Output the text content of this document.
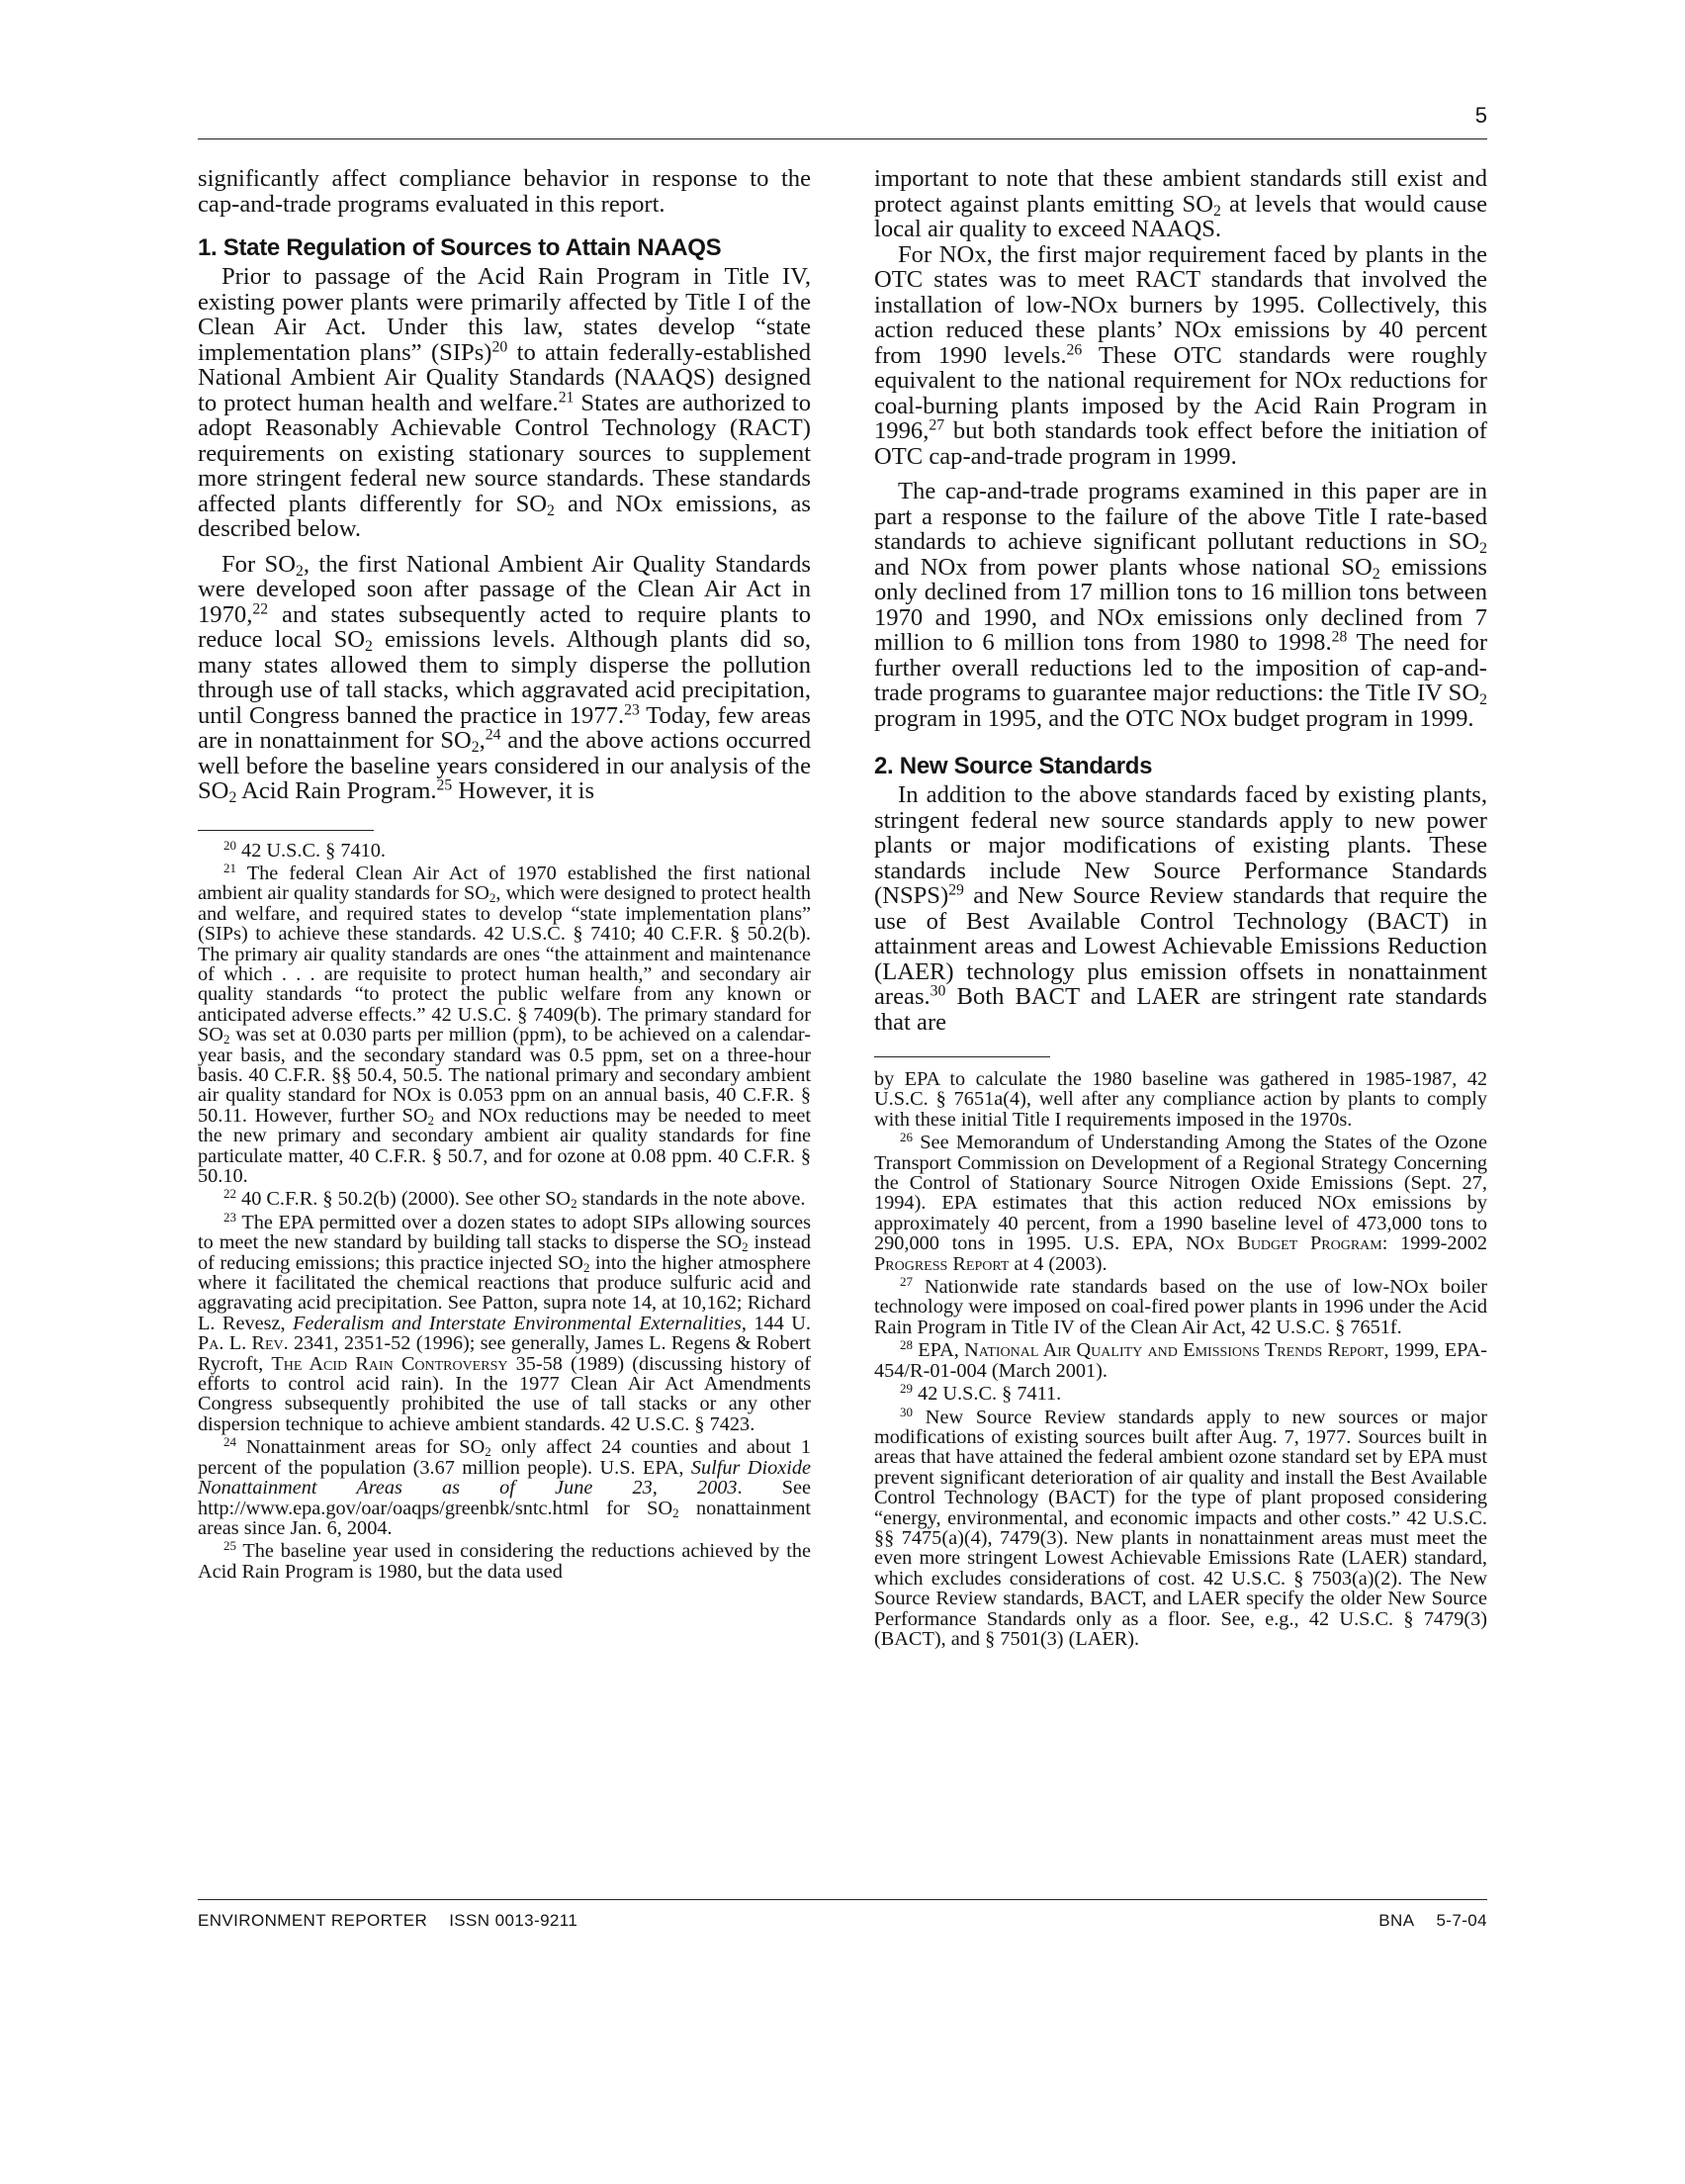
5

significantly affect compliance behavior in response to the cap-and-trade programs evaluated in this report.

1. State Regulation of Sources to Attain NAAQS

Prior to passage of the Acid Rain Program in Title IV, existing power plants were primarily affected by Title I of the Clean Air Act. Under this law, states develop “state implementation plans” (SIPs)$^{20}$ to attain federally-established National Ambient Air Quality Standards (NAAQS) designed to protect human health and welfare.$^{21}$ States are authorized to adopt Reasonably Achievable Control Technology (RACT) requirements on existing stationary sources to supplement more stringent federal new source standards. These standards affected plants differently for $SO_2$ and NOx emissions, as described below.

For $SO_2$, the first National Ambient Air Quality Standards were developed soon after passage of the Clean Air Act in 1970,22 and states subsequently acted to require plants to reduce local $SO_2$ emissions levels. Although plants did so, many states allowed them to simply disperse the pollution through use of tall stacks, which aggravated acid precipitation, until Congress banned the practice in 1977.23 Today, few areas are in nonattainment for $SO_2,^{24}$ and the above actions occurred well before the baseline years considered in our analysis of the $SO_2$ Acid Rain Program.$^{25}$ However, it is

$^{20}$ 42 U.S.C. § 7410.

$^{21}$ The federal Clean Air Act of 1970 established the first national ambient air quality standards for $SO_2$, which were designed to protect health and welfare, and required states to develop “state implementation plans” (SIPs) to achieve these standards. 42 U.S.C. § 7410; 40 C.F.R. § 50.2(b). The primary air quality standards are ones “the attainment and maintenance of which . . . are requisite to protect human health,” and secondary air quality standards “to protect the public welfare from any known or anticipated adverse effects.” 42 U.S.C. § 7409(b). The primary standard for $SO_2$ was set at 0.030 parts per million (ppm), to be achieved on a calendar-year basis, and the secondary standard was 0.5 ppm, set on a three-hour basis. 40 C.F.R. §§ 50.4, 50.5. The national primary and secondary ambient air quality standard for NOx is 0.053 ppm on an annual basis, 40 C.F.R. § 50.11. However, further $SO_2$ and NOx reductions may be needed to meet the new primary and secondary ambient air quality standards for fine particulate matter, 40 C.F.R. § 50.7, and for ozone at 0.08 ppm. 40 C.F.R. § 50.10.

$^{22}$ 40 C.F.R. § 50.2(b) (2000). See other $SO_2$ standards in the note above.

$^{23}$ The EPA permitted over a dozen states to adopt SIPs allowing sources to meet the new standard by building tall stacks to disperse the $SO_2$ instead of reducing emissions; this practice injected $SO_2$ into the higher atmosphere where it facilitated the chemical reactions that produce sulfuric acid and aggravating acid precipitation. See Patton, supra note 14, at 10,162; Richard L. Revesz, Federalism and Interstate Environmental Externalities, 144 U. Pa. L. Rev. 2341, 2351-52 (1996); see generally, James L. Regens & Robert Rycroft, The Acid Rain Controversy 35-58 (1989) (discussing history of efforts to control acid rain). In the 1977 Clean Air Act Amendments Congress subsequently prohibited the use of tall stacks or any other dispersion technique to achieve ambient standards. 42 U.S.C. § 7423.

$^{24}$ Nonattainment areas for $SO_2$ only affect 24 counties and about 1 percent of the population (3.67 million people). U.S. EPA, Sulfur Dioxide Nonattainment Areas as of June 23, 2003. See http://www.epa.gov/oar/oaqps/greenbk/sntc.html for $SO_2$ nonattainment areas since Jan. 6, 2004.

$^{25}$ The baseline year used in considering the reductions achieved by the Acid Rain Program is 1980, but the data used

important to note that these ambient standards still exist and protect against plants emitting $SO_2$ at levels that would cause local air quality to exceed NAAQS.

For NOx, the first major requirement faced by plants in the OTC states was to meet RACT standards that involved the installation of low-NOx burners by 1995. Collectively, this action reduced these plants’ NOx emissions by 40 percent from 1990 levels.$^{26}$ These OTC standards were roughly equivalent to the national requirement for NOx reductions for coal-burning plants imposed by the Acid Rain Program in 1996,27 but both standards took effect before the initiation of OTC cap-and-trade program in 1999.

The cap-and-trade programs examined in this paper are in part a response to the failure of the above Title I rate-based standards to achieve significant pollutant reductions in $SO_2$ and NOx from power plants whose national $SO_2$ emissions only declined from 17 million tons to 16 million tons between 1970 and 1990, and NOx emissions only declined from 7 million to 6 million tons from 1980 to 1998.28 The need for further overall reductions led to the imposition of cap-and-trade programs to guarantee major reductions: the Title IV $SO_2$ program in 1995, and the OTC NOx budget program in 1999.

2. New Source Standards

In addition to the above standards faced by existing plants, stringent federal new source standards apply to new power plants or major modifications of existing plants. These standards include New Source Performance Standards (NSPS)$^{29}$ and New Source Review standards that require the use of Best Available Control Technology (BACT) in attainment areas and Lowest Achievable Emissions Reduction (LAER) technology plus emission offsets in nonattainment areas.$^{30}$ Both BACT and LAER are stringent rate standards that are

by EPA to calculate the 1980 baseline was gathered in 1985-1987, 42 U.S.C. § 7651a(4), well after any compliance action by plants to comply with these initial Title I requirements imposed in the 1970s.

$^{26}$ See Memorandum of Understanding Among the States of the Ozone Transport Commission on Development of a Regional Strategy Concerning the Control of Stationary Source Nitrogen Oxide Emissions (Sept. 27, 1994). EPA estimates that this action reduced NOx emissions by approximately 40 percent, from a 1990 baseline level of 473,000 tons to 290,000 tons in 1995. U.S. EPA, NOx Budget Program: 1999-2002 Progress Report at 4 (2003).

$^{27}$ Nationwide rate standards based on the use of low-NOx boiler technology were imposed on coal-fired power plants in 1996 under the Acid Rain Program in Title IV of the Clean Air Act, 42 U.S.C. § 7651f.

$^{28}$ EPA, National Air Quality and Emissions Trends Report, 1999, EPA-454/R-01-004 (March 2001).

$^{29}$ 42 U.S.C. § 7411.

$^{30}$ New Source Review standards apply to new sources or major modifications of existing sources built after Aug. 7, 1977. Sources built in areas that have attained the federal ambient ozone standard set by EPA must prevent significant deterioration of air quality and install the Best Available Control Technology (BACT) for the type of plant proposed considering “energy, environmental, and economic impacts and other costs.” 42 U.S.C. §§ 7475(a)(4), 7479(3). New plants in nonattainment areas must meet the even more stringent Lowest Achievable Emissions Rate (LAER) standard, which excludes considerations of cost. 42 U.S.C. § 7503(a)(2). The New Source Review standards, BACT, and LAER specify the older New Source Performance Standards only as a floor. See, e.g., 42 U.S.C. § 7479(3) (BACT), and § 7501(3) (LAER).

ENVIRONMENT REPORTER ISSN 0013-9211	BNA 5-7-04
